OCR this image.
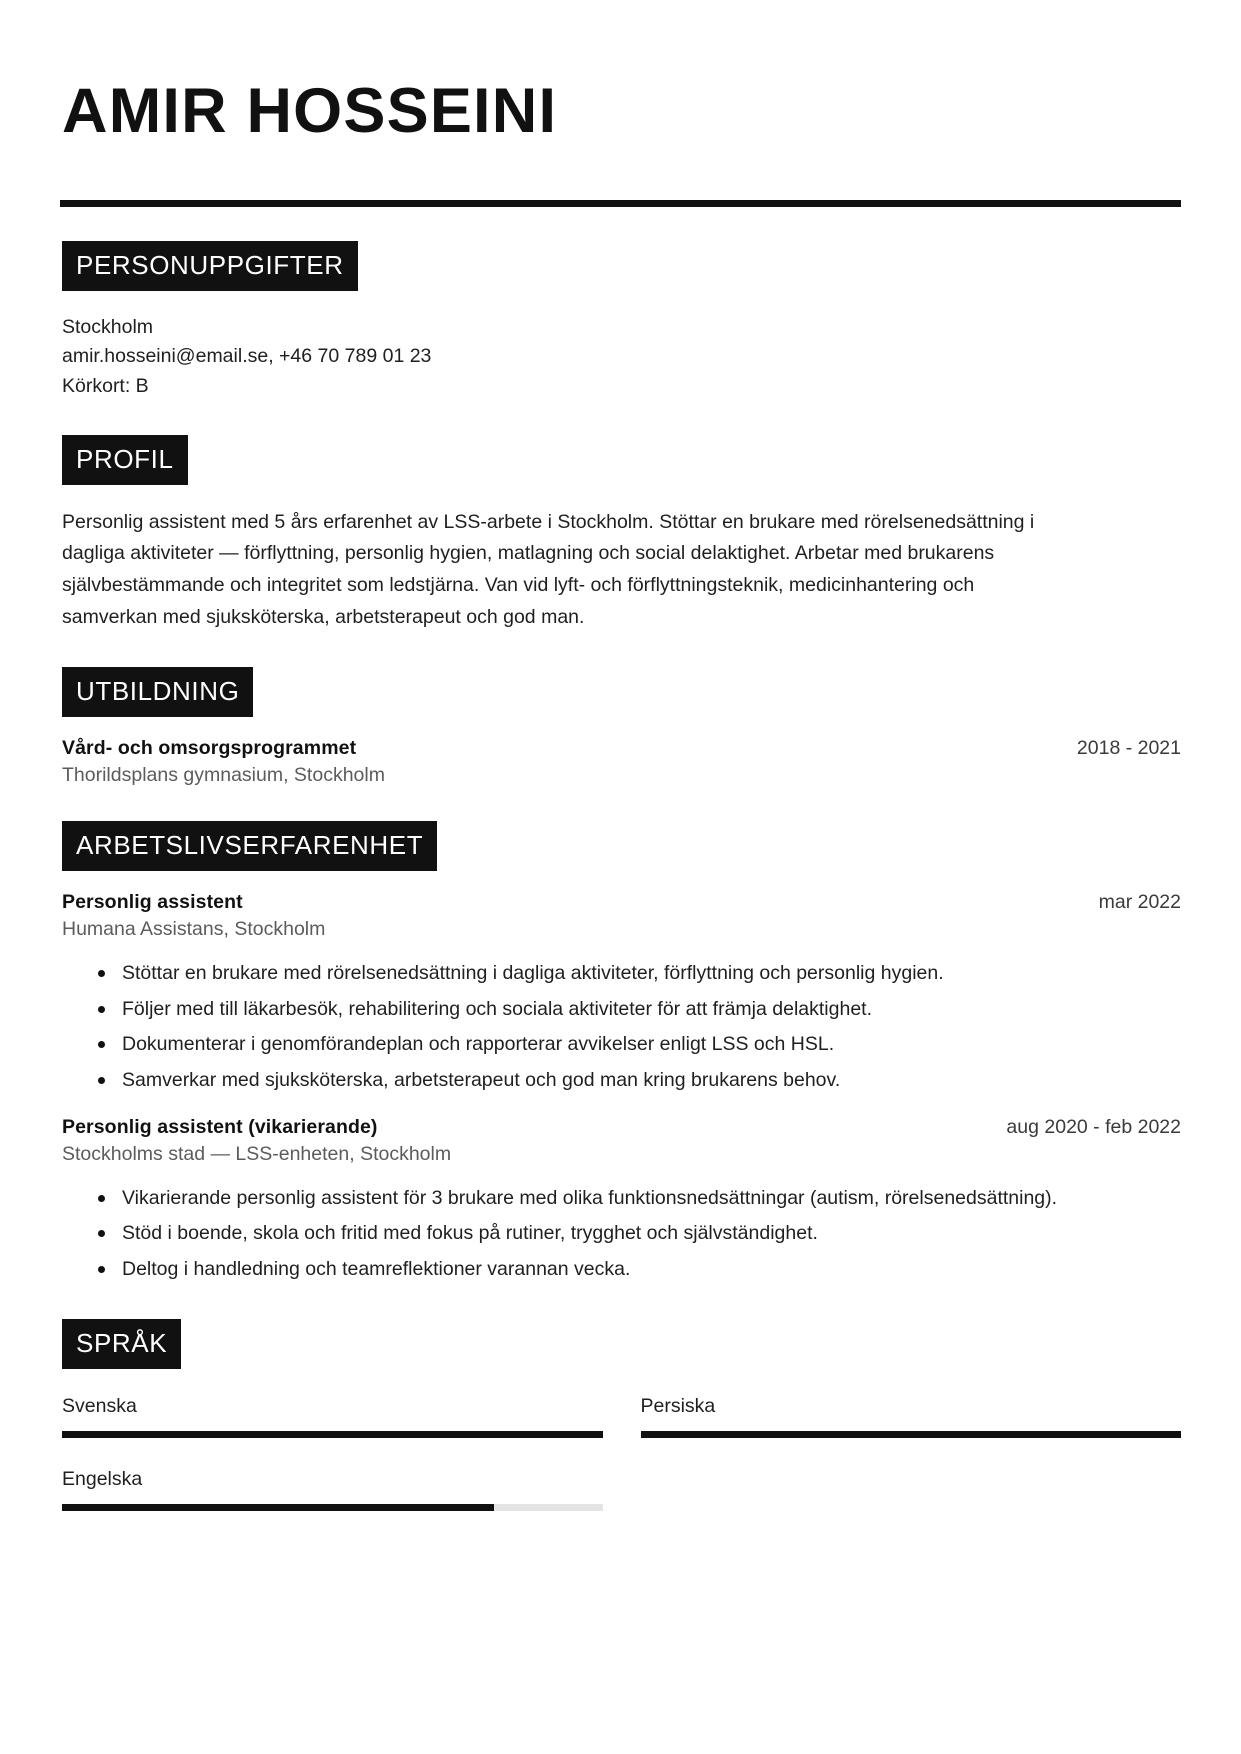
AMIR HOSSEINI
PERSONUPPGIFTER
Stockholm
amir.hosseini@email.se, +46 70 789 01 23
Körkort: B
PROFIL

Personlig assistent med 5 års erfarenhet av LSS-arbete i Stockholm. Stöttar en brukare med rörelsenedsättning i dagliga aktiviteter — förflyttning, personlig hygien, matlagning och social delaktighet. Arbetar med brukarens självbestämmande och integritet som ledstjärna. Van vid lyft- och förflyttningsteknik, medicinhantering och samverkan med sjuksköterska, arbetsterapeut och god man.

UTBILDNING
Vård- och omsorgsprogrammet	2018 - 2021
Thorildsplans gymnasium, Stockholm
ARBETSLIVSERFARENHET
Personlig assistent	mar 2022
Humana Assistans, Stockholm
Stöttar en brukare med rörelsenedsättning i dagliga aktiviteter, förflyttning och personlig hygien.
Följer med till läkarbesök, rehabilitering och sociala aktiviteter för att främja delaktighet.
Dokumenterar i genomförandeplan och rapporterar avvikelser enligt LSS och HSL.
Samverkar med sjuksköterska, arbetsterapeut och god man kring brukarens behov.
Personlig assistent (vikarierande)	aug 2020 - feb 2022
Stockholms stad — LSS-enheten, Stockholm
Vikarierande personlig assistent för 3 brukare med olika funktionsnedsättningar (autism, rörelsenedsättning).
Stöd i boende, skola och fritid med fokus på rutiner, trygghet och självständighet.
Deltog i handledning och teamreflektioner varannan vecka.
SPRÅK
Svenska	Persiska
Engelska
